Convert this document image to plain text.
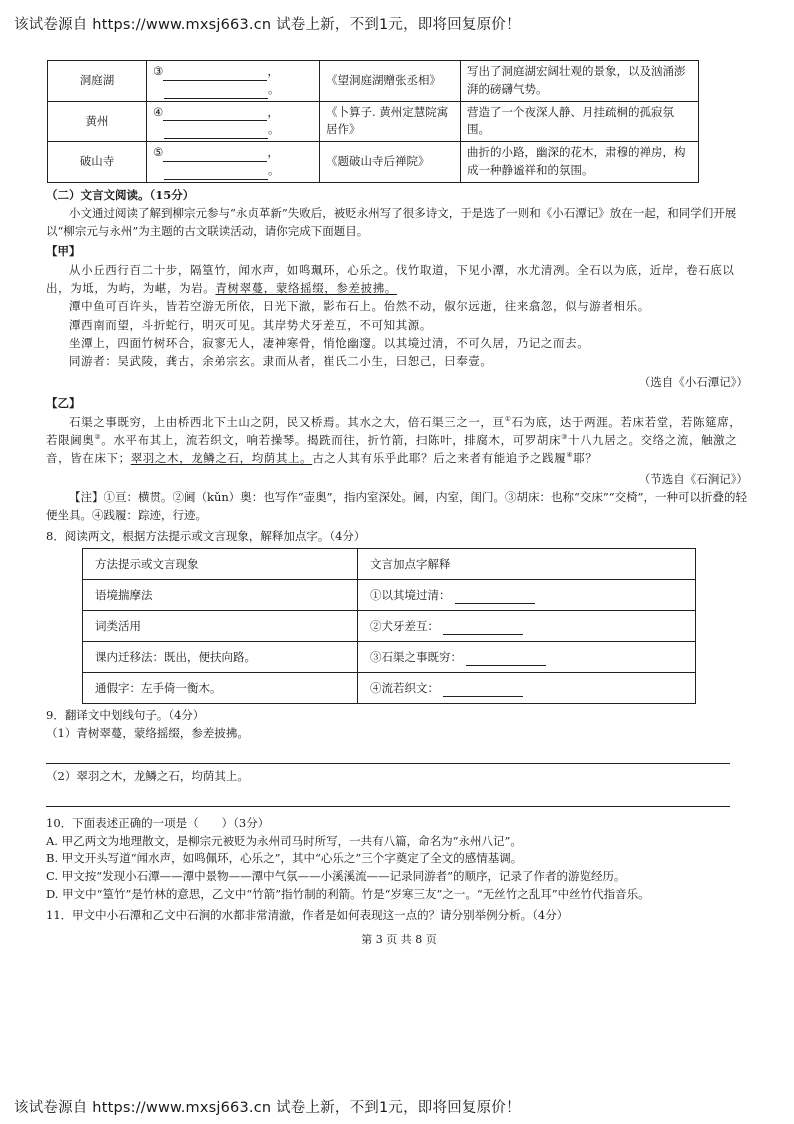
该试卷源自 https://www.mxsj663.cn 试卷上新，不到1元，即将回复原价！
洞庭湖	③ ，
。	《望洞庭湖赠张丞相》	写出了洞庭湖宏阔壮观的景象，以及汹涌澎湃的磅礴气势。
黄州	④ ，
。	《卜算子. 黄州定慧院寓居作》	营造了一个夜深人静、月挂疏桐的孤寂氛围。
破山寺	⑤ ，
。	《题破山寺后禅院》	曲折的小路，幽深的花木，肃穆的禅房，构成一种静谧祥和的氛围。
（二）文言文阅读。（15分）

小文通过阅读了解到柳宗元参与“永贞革新”失败后，被贬永州写了很多诗文，于是选了一则和《小石潭记》放在一起，和同学们开展以“柳宗元与永州”为主题的古文联读活动，请你完成下面题目。

【甲】

从小丘西行百二十步，隔篁竹，闻水声，如鸣珮环，心乐之。伐竹取道，下见小潭，水尤清冽。全石以为底，近岸，卷石底以出，为坻，为屿，为嵁，为岩。青树翠蔓，蒙络摇缀，参差披拂。

潭中鱼可百许头，皆若空游无所依，日光下澈，影布石上。佁然不动，俶尔远逝，往来翕忽，似与游者相乐。

潭西南而望，斗折蛇行，明灭可见。其岸势犬牙差互，不可知其源。

坐潭上，四面竹树环合，寂寥无人，凄神寒骨，悄怆幽邃。以其境过清，不可久居，乃记之而去。

同游者：吴武陵，龚古，余弟宗玄。隶而从者，崔氏二小生，曰恕己，曰奉壹。

（选自《小石潭记》）
【乙】

石渠之事既穷，上由桥西北下土山之阴，民又桥焉。其水之大，倍石渠三之一，亘①石为底，达于两涯。若床若堂，若陈筵席，若限阃奥②。水平布其上，流若织文，响若操琴。揭跣而往，折竹箭，扫陈叶，排腐木，可罗胡床③十八九居之。交络之流，触激之音，皆在床下；翠羽之木，龙鳞之石，均荫其上。古之人其有乐乎此耶？后之来者有能追予之践履④耶？

（节选自《石涧记》）

【注】①亘：横贯。②阃（kǔn）奥：也写作“壶奥”，指内室深处。阃，内室，闺门。③胡床：也称“交床”“交椅”，一种可以折叠的轻便坐具。④践履：踪迹，行迹。

8．阅读两文，根据方法提示或文言现象，解释加点字。（4分）
方法提示或文言现象	文言加点字解释
语境揣摩法	①以其境过清：
词类活用	②犬牙差互：
课内迁移法：既出，便扶向路。	③石渠之事既穷：
通假字：左手倚一衡木。	④流若织文：
9．翻译文中划线句子。（4分）
（1）青树翠蔓，蒙络摇缀，参差披拂。
（2）翠羽之木，龙鳞之石，均荫其上。
10．下面表述正确的一项是（　　）（3分）
A. 甲乙两文为地理散文，是柳宗元被贬为永州司马时所写，一共有八篇，命名为“永州八记”。
B. 甲文开头写道“闻水声，如鸣佩环，心乐之”，其中“心乐之”三个字奠定了全文的感情基调。
C. 甲文按“发现小石潭——潭中景物——潭中气氛——小溪溪流——记录同游者”的顺序，记录了作者的游览经历。
D. 甲文中“篁竹”是竹林的意思，乙文中“竹箭”指竹制的利箭。竹是“岁寒三友”之一。“无丝竹之乱耳”中丝竹代指音乐。
11．甲文中小石潭和乙文中石涧的水都非常清澈，作者是如何表现这一点的？请分别举例分析。（4分）
第 3 页 共 8 页
该试卷源自 https://www.mxsj663.cn 试卷上新，不到1元，即将回复原价！
